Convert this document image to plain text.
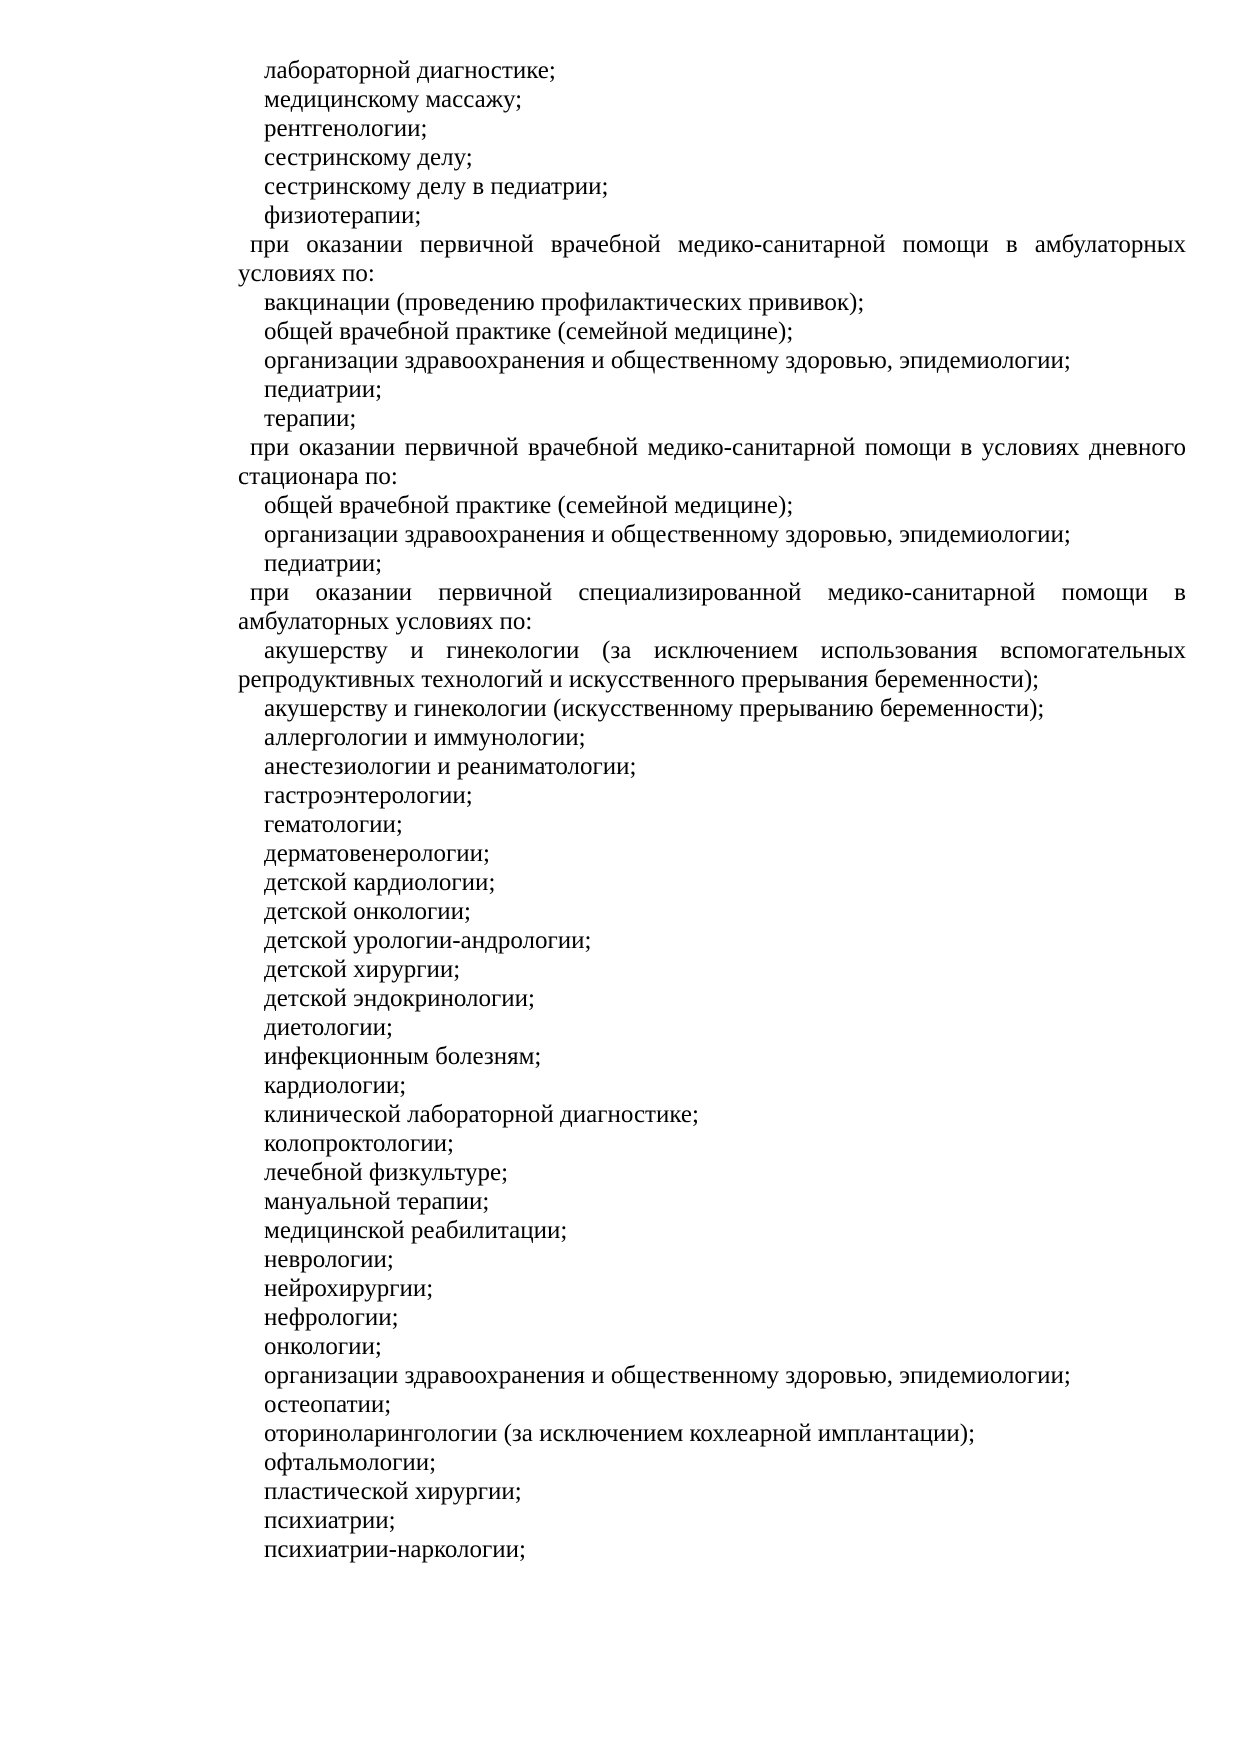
лабораторной диагностике;

медицинскому массажу;

рентгенологии;

сестринскому делу;

сестринскому делу в педиатрии;

физиотерапии;

при оказании первичной врачебной медико-санитарной помощи в амбулаторных условиях по:

вакцинации (проведению профилактических прививок);

общей врачебной практике (семейной медицине);

организации здравоохранения и общественному здоровью, эпидемиологии;

педиатрии;

терапии;

при оказании первичной врачебной медико-санитарной помощи в условиях дневного стационара по:

общей врачебной практике (семейной медицине);

организации здравоохранения и общественному здоровью, эпидемиологии;

педиатрии;

при оказании первичной специализированной медико-санитарной помощи в амбулаторных условиях по:

акушерству и гинекологии (за исключением использования вспомогательных репродуктивных технологий и искусственного прерывания беременности);

акушерству и гинекологии (искусственному прерыванию беременности);

аллергологии и иммунологии;

анестезиологии и реаниматологии;

гастроэнтерологии;

гематологии;

дерматовенерологии;

детской кардиологии;

детской онкологии;

детской урологии-андрологии;

детской хирургии;

детской эндокринологии;

диетологии;

инфекционным болезням;

кардиологии;

клинической лабораторной диагностике;

колопроктологии;

лечебной физкультуре;

мануальной терапии;

медицинской реабилитации;

неврологии;

нейрохирургии;

нефрологии;

онкологии;

организации здравоохранения и общественному здоровью, эпидемиологии;

остеопатии;

оториноларингологии (за исключением кохлеарной имплантации);

офтальмологии;

пластической хирургии;

психиатрии;

психиатрии-наркологии;
